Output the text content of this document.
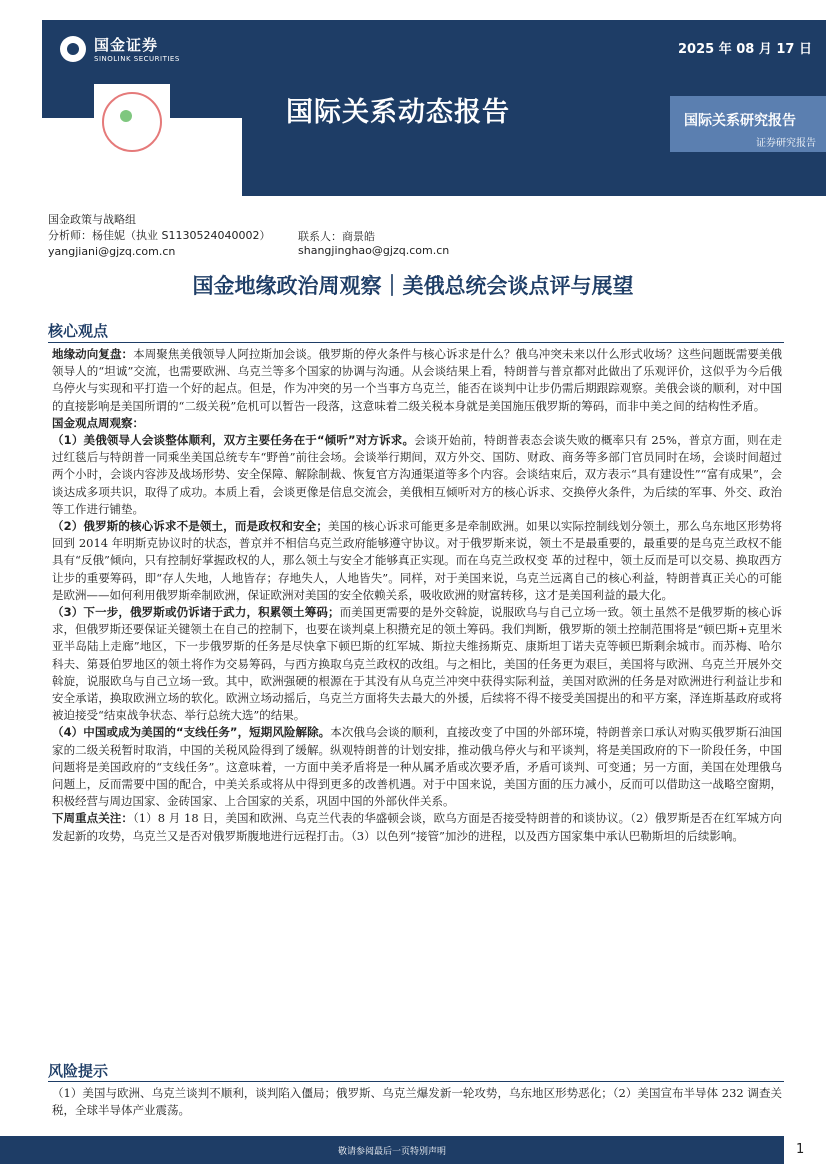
国金证券
SINOLINK SECURITIES
2025 年 08 月 17 日
国际关系动态报告	国际关系研究报告
证券研究报告
国金政策与战略组
分析师：杨佳妮（执业 S1130524040002）
yangjiani@gjzq.com.cn
联系人：商景皓
shangjinghao@gjzq.com.cn
国金地缘政治周观察｜美俄总统会谈点评与展望
核心观点

地缘动向复盘：本周聚焦美俄领导人阿拉斯加会谈。俄罗斯的停火条件与核心诉求是什么？俄乌冲突未来以什么形式收场？这些问题既需要美俄领导人的“坦诚”交流，也需要欧洲、乌克兰等多个国家的协调与沟通。从会谈结果上看，特朗普与普京都对此做出了乐观评价，这似乎为今后俄乌停火与实现和平打造一个好的起点。但是，作为冲突的另一个当事方乌克兰，能否在谈判中让步仍需后期跟踪观察。美俄会谈的顺利，对中国的直接影响是美国所谓的“二级关税”危机可以暂告一段落，这意味着二级关税本身就是美国施压俄罗斯的筹码，而非中美之间的结构性矛盾。

国金观点周观察：

（1）美俄领导人会谈整体顺利，双方主要任务在于“倾听”对方诉求。会谈开始前，特朗普表态会谈失败的概率只有 25%，普京方面，则在走过红毯后与特朗普一同乘坐美国总统专车“野兽”前往会场。会谈举行期间，双方外交、国防、财政、商务等多部门官员同时在场，会谈时间超过两个小时，会谈内容涉及战场形势、安全保障、解除制裁、恢复官方沟通渠道等多个内容。会谈结束后，双方表示“具有建设性”“富有成果”，会谈达成多项共识，取得了成功。本质上看，会谈更像是信息交流会，美俄相互倾听对方的核心诉求、交换停火条件，为后续的军事、外交、政治等工作进行铺垫。

（2）俄罗斯的核心诉求不是领土，而是政权和安全；美国的核心诉求可能更多是牵制欧洲。如果以实际控制线划分领土，那么乌东地区形势将回到 2014 年明斯克协议时的状态，普京并不相信乌克兰政府能够遵守协议。对于俄罗斯来说，领土不是最重要的，最重要的是乌克兰政权不能具有“反俄”倾向，只有控制好掌握政权的人，那么领土与安全才能够真正实现。而在乌克兰政权变 革的过程中，领土反而是可以交易、换取西方让步的重要筹码，即“存人失地，人地皆存；存地失人，人地皆失”。同样，对于美国来说，乌克兰远离自己的核心利益，特朗普真正关心的可能是欧洲——如何利用俄罗斯牵制欧洲，保证欧洲对美国的安全依赖关系，吸收欧洲的财富转移，这才是美国利益的最大化。

（3）下一步，俄罗斯或仍诉诸于武力，积累领土筹码；而美国更需要的是外交斡旋，说服欧乌与自己立场一致。领土虽然不是俄罗斯的核心诉求，但俄罗斯还要保证关键领土在自己的控制下，也要在谈判桌上积攒充足的领土筹码。我们判断，俄罗斯的领土控制范围将是“顿巴斯+克里米亚半岛陆上走廊”地区，下一步俄罗斯的任务是尽快拿下顿巴斯的红军城、斯拉夫维扬斯克、康斯坦丁诺夫克等顿巴斯剩余城市。而苏梅、哈尔科夫、第聂伯罗地区的领土将作为交易筹码，与西方换取乌克兰政权的改组。与之相比，美国的任务更为艰巨，美国将与欧洲、乌克兰开展外交斡旋，说服欧乌与自己立场一致。其中，欧洲强硬的根源在于其没有从乌克兰冲突中获得实际利益，美国对欧洲的任务是对欧洲进行利益让步和安全承诺，换取欧洲立场的软化。欧洲立场动摇后，乌克兰方面将失去最大的外援，后续将不得不接受美国提出的和平方案，泽连斯基政府或将被迫接受“结束战争状态、举行总统大选”的结果。

（4）中国或成为美国的“支线任务”，短期风险解除。本次俄乌会谈的顺利，直接改变了中国的外部环境，特朗普亲口承认对购买俄罗斯石油国家的二级关税暂时取消，中国的关税风险得到了缓解。纵观特朗普的计划安排，推动俄乌停火与和平谈判，将是美国政府的下一阶段任务，中国问题将是美国政府的“支线任务”。这意味着，一方面中美矛盾将是一种从属矛盾或次要矛盾，矛盾可谈判、可变通；另一方面，美国在处理俄乌问题上，反而需要中国的配合，中美关系或将从中得到更多的改善机遇。对于中国来说，美国方面的压力减小，反而可以借助这一战略空窗期，积极经营与周边国家、金砖国家、上合国家的关系，巩固中国的外部伙伴关系。

下周重点关注：（1）8 月 18 日，美国和欧洲、乌克兰代表的华盛顿会谈，欧乌方面是否接受特朗普的和谈协议。（2）俄罗斯是否在红军城方向发起新的攻势，乌克兰又是否对俄罗斯腹地进行远程打击。（3）以色列“接管”加沙的进程，以及西方国家集中承认巴勒斯坦的后续影响。

风险提示

（1）美国与欧洲、乌克兰谈判不顺利，谈判陷入僵局；俄罗斯、乌克兰爆发新一轮攻势，乌东地区形势恶化；（2）美国宣布半导体 232 调查关税，全球半导体产业震荡。

敬请参阅最后一页特别声明	1
